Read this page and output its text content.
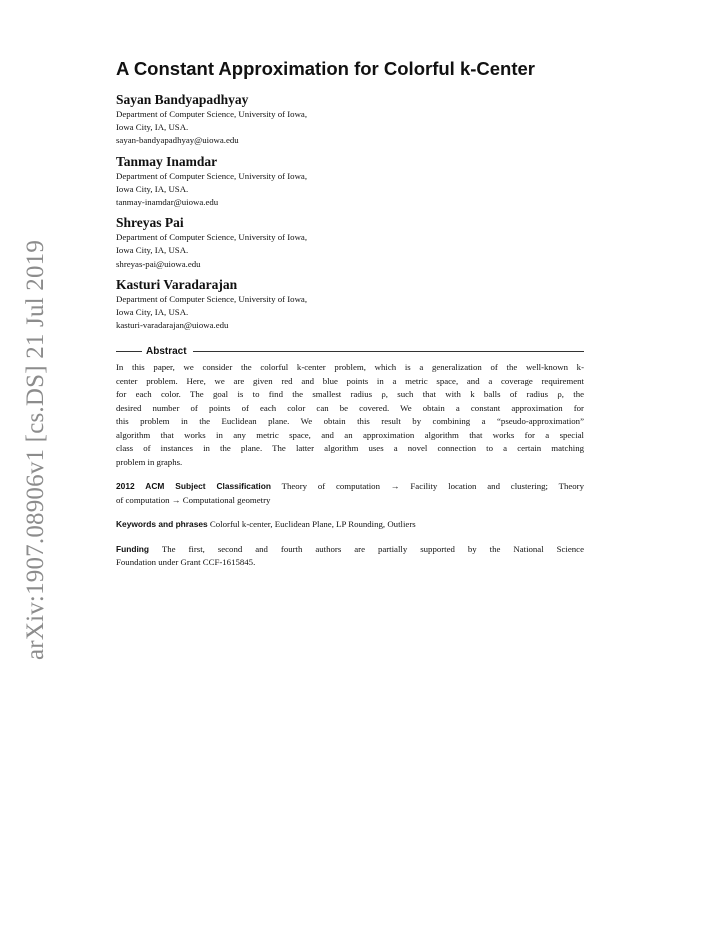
arXiv:1907.08906v1 [cs.DS] 21 Jul 2019
A Constant Approximation for Colorful k-Center
Sayan Bandyapadhyay
Department of Computer Science, University of Iowa,
Iowa City, IA, USA.
sayan-bandyapadhyay@uiowa.edu
Tanmay Inamdar
Department of Computer Science, University of Iowa,
Iowa City, IA, USA.
tanmay-inamdar@uiowa.edu
Shreyas Pai
Department of Computer Science, University of Iowa,
Iowa City, IA, USA.
shreyas-pai@uiowa.edu
Kasturi Varadarajan
Department of Computer Science, University of Iowa,
Iowa City, IA, USA.
kasturi-varadarajan@uiowa.edu
Abstract
In this paper, we consider the colorful k-center problem, which is a generalization of the well-known k-
center problem. Here, we are given red and blue points in a metric space, and a coverage requirement
for each color. The goal is to find the smallest radius ρ, such that with k balls of radius ρ, the
desired number of points of each color can be covered. We obtain a constant approximation for
this problem in the Euclidean plane. We obtain this result by combining a “pseudo-approximation”
algorithm that works in any metric space, and an approximation algorithm that works for a special
class of instances in the plane. The latter algorithm uses a novel connection to a certain matching
problem in graphs.
2012 ACM Subject Classification Theory of computation → Facility location and clustering; Theory
of computation → Computational geometry
Keywords and phrases Colorful k-center, Euclidean Plane, LP Rounding, Outliers
Funding The first, second and fourth authors are partially supported by the National Science
Foundation under Grant CCF-1615845.
